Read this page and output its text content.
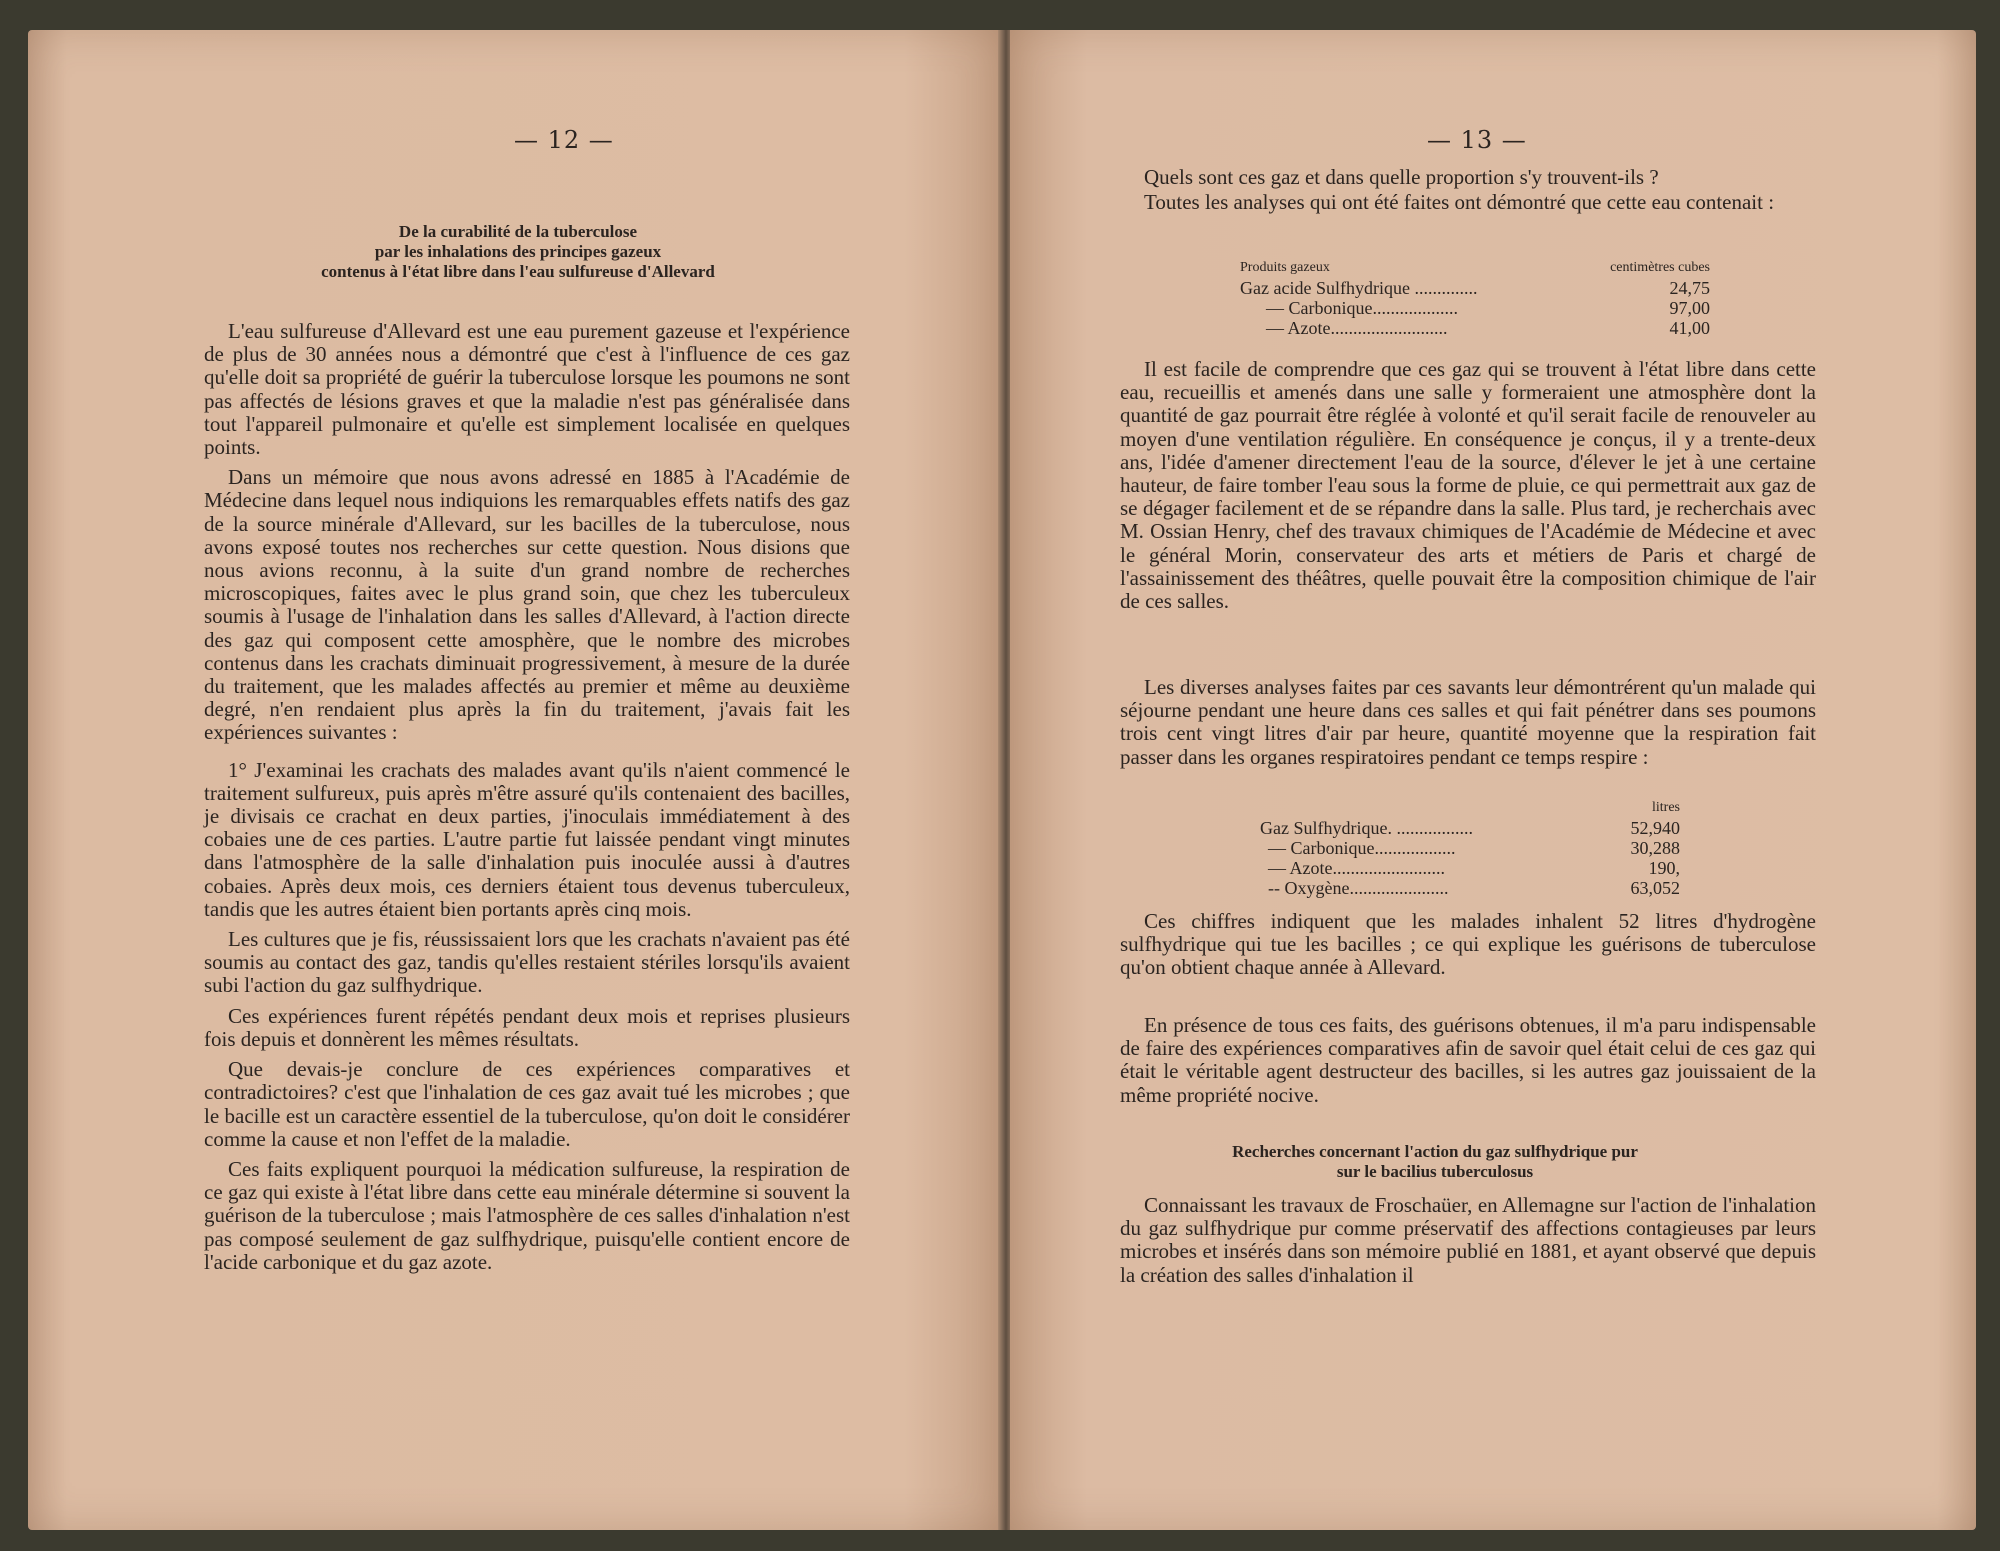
— 12 —
De la curabilité de la tuberculose
par les inhalations des principes gazeux
contenus à l'état libre dans l'eau sulfureuse d'Allevard

L'eau sulfureuse d'Allevard est une eau purement gazeuse et l'expérience de plus de 30 années nous a démontré que c'est à l'influence de ces gaz qu'elle doit sa propriété de guérir la tuberculose lorsque les poumons ne sont pas affectés de lésions graves et que la maladie n'est pas généralisée dans tout l'appareil pulmonaire et qu'elle est simplement localisée en quelques points.

Dans un mémoire que nous avons adressé en 1885 à l'Académie de Médecine dans lequel nous indiquions les remarquables effets natifs des gaz de la source minérale d'Allevard, sur les bacilles de la tuberculose, nous avons exposé toutes nos recherches sur cette question. Nous disions que nous avions reconnu, à la suite d'un grand nombre de recherches microscopiques, faites avec le plus grand soin, que chez les tuberculeux soumis à l'usage de l'inhalation dans les salles d'Allevard, à l'action directe des gaz qui composent cette amosphère, que le nombre des microbes contenus dans les crachats diminuait progressivement, à mesure de la durée du traitement, que les malades affectés au premier et même au deuxième degré, n'en rendaient plus après la fin du traitement, j'avais fait les expériences suivantes :

1° J'examinai les crachats des malades avant qu'ils n'aient commencé le traitement sulfureux, puis après m'être assuré qu'ils contenaient des bacilles, je divisais ce crachat en deux parties, j'inoculais immédiatement à des cobaies une de ces parties. L'autre partie fut laissée pendant vingt minutes dans l'atmosphère de la salle d'inhalation puis inoculée aussi à d'autres cobaies. Après deux mois, ces derniers étaient tous devenus tuberculeux, tandis que les autres étaient bien portants après cinq mois.

Les cultures que je fis, réussissaient lors que les crachats n'avaient pas été soumis au contact des gaz, tandis qu'elles restaient stériles lorsqu'ils avaient subi l'action du gaz sulfhydrique.

Ces expériences furent répétés pendant deux mois et reprises plusieurs fois depuis et donnèrent les mêmes résultats.

Que devais-je conclure de ces expériences comparatives et contradictoires? c'est que l'inhalation de ces gaz avait tué les microbes ; que le bacille est un caractère essentiel de la tuberculose, qu'on doit le considérer comme la cause et non l'effet de la maladie.

Ces faits expliquent pourquoi la médication sulfureuse, la respiration de ce gaz qui existe à l'état libre dans cette eau minérale détermine si souvent la guérison de la tuberculose ; mais l'atmosphère de ces salles d'inhalation n'est pas composé seulement de gaz sulfhydrique, puisqu'elle contient encore de l'acide carbonique et du gaz azote.

— 13 —

Quels sont ces gaz et dans quelle proportion s'y trouvent-ils ?

Toutes les analyses qui ont été faites ont démontré que cette eau contenait :

Produits gazeux	centimètres cubes
Gaz acide Sulfhydrique ..............	24,75
— Carbonique...................	97,00
— Azote..........................	41,00

Il est facile de comprendre que ces gaz qui se trouvent à l'état libre dans cette eau, recueillis et amenés dans une salle y formeraient une atmosphère dont la quantité de gaz pourrait être réglée à volonté et qu'il serait facile de renouveler au moyen d'une ventilation régulière. En conséquence je conçus, il y a trente-deux ans, l'idée d'amener directement l'eau de la source, d'élever le jet à une certaine hauteur, de faire tomber l'eau sous la forme de pluie, ce qui permettrait aux gaz de se dégager facilement et de se répandre dans la salle. Plus tard, je recherchais avec M. Ossian Henry, chef des travaux chimiques de l'Académie de Médecine et avec le général Morin, conservateur des arts et métiers de Paris et chargé de l'assainissement des théâtres, quelle pouvait être la composition chimique de l'air de ces salles.

Les diverses analyses faites par ces savants leur démontrérent qu'un malade qui séjourne pendant une heure dans ces salles et qui fait pénétrer dans ses poumons trois cent vingt litres d'air par heure, quantité moyenne que la respiration fait passer dans les organes respiratoires pendant ce temps respire :

	litres
Gaz Sulfhydrique. .................	52,940
— Carbonique..................	30,288
— Azote.........................	190,
-- Oxygène......................	63,052

Ces chiffres indiquent que les malades inhalent 52 litres d'hydrogène sulfhydrique qui tue les bacilles ; ce qui explique les guérisons de tuberculose qu'on obtient chaque année à Allevard.

En présence de tous ces faits, des guérisons obtenues, il m'a paru indispensable de faire des expériences comparatives afin de savoir quel était celui de ces gaz qui était le véritable agent destructeur des bacilles, si les autres gaz jouissaient de la même propriété nocive.

Recherches concernant l'action du gaz sulfhydrique pur
sur le bacilius tuberculosus

Connaissant les travaux de Froschaüer, en Allemagne sur l'action de l'inhalation du gaz sulfhydrique pur comme préservatif des affections contagieuses par leurs microbes et insérés dans son mémoire publié en 1881, et ayant observé que depuis la création des salles d'inhalation il
